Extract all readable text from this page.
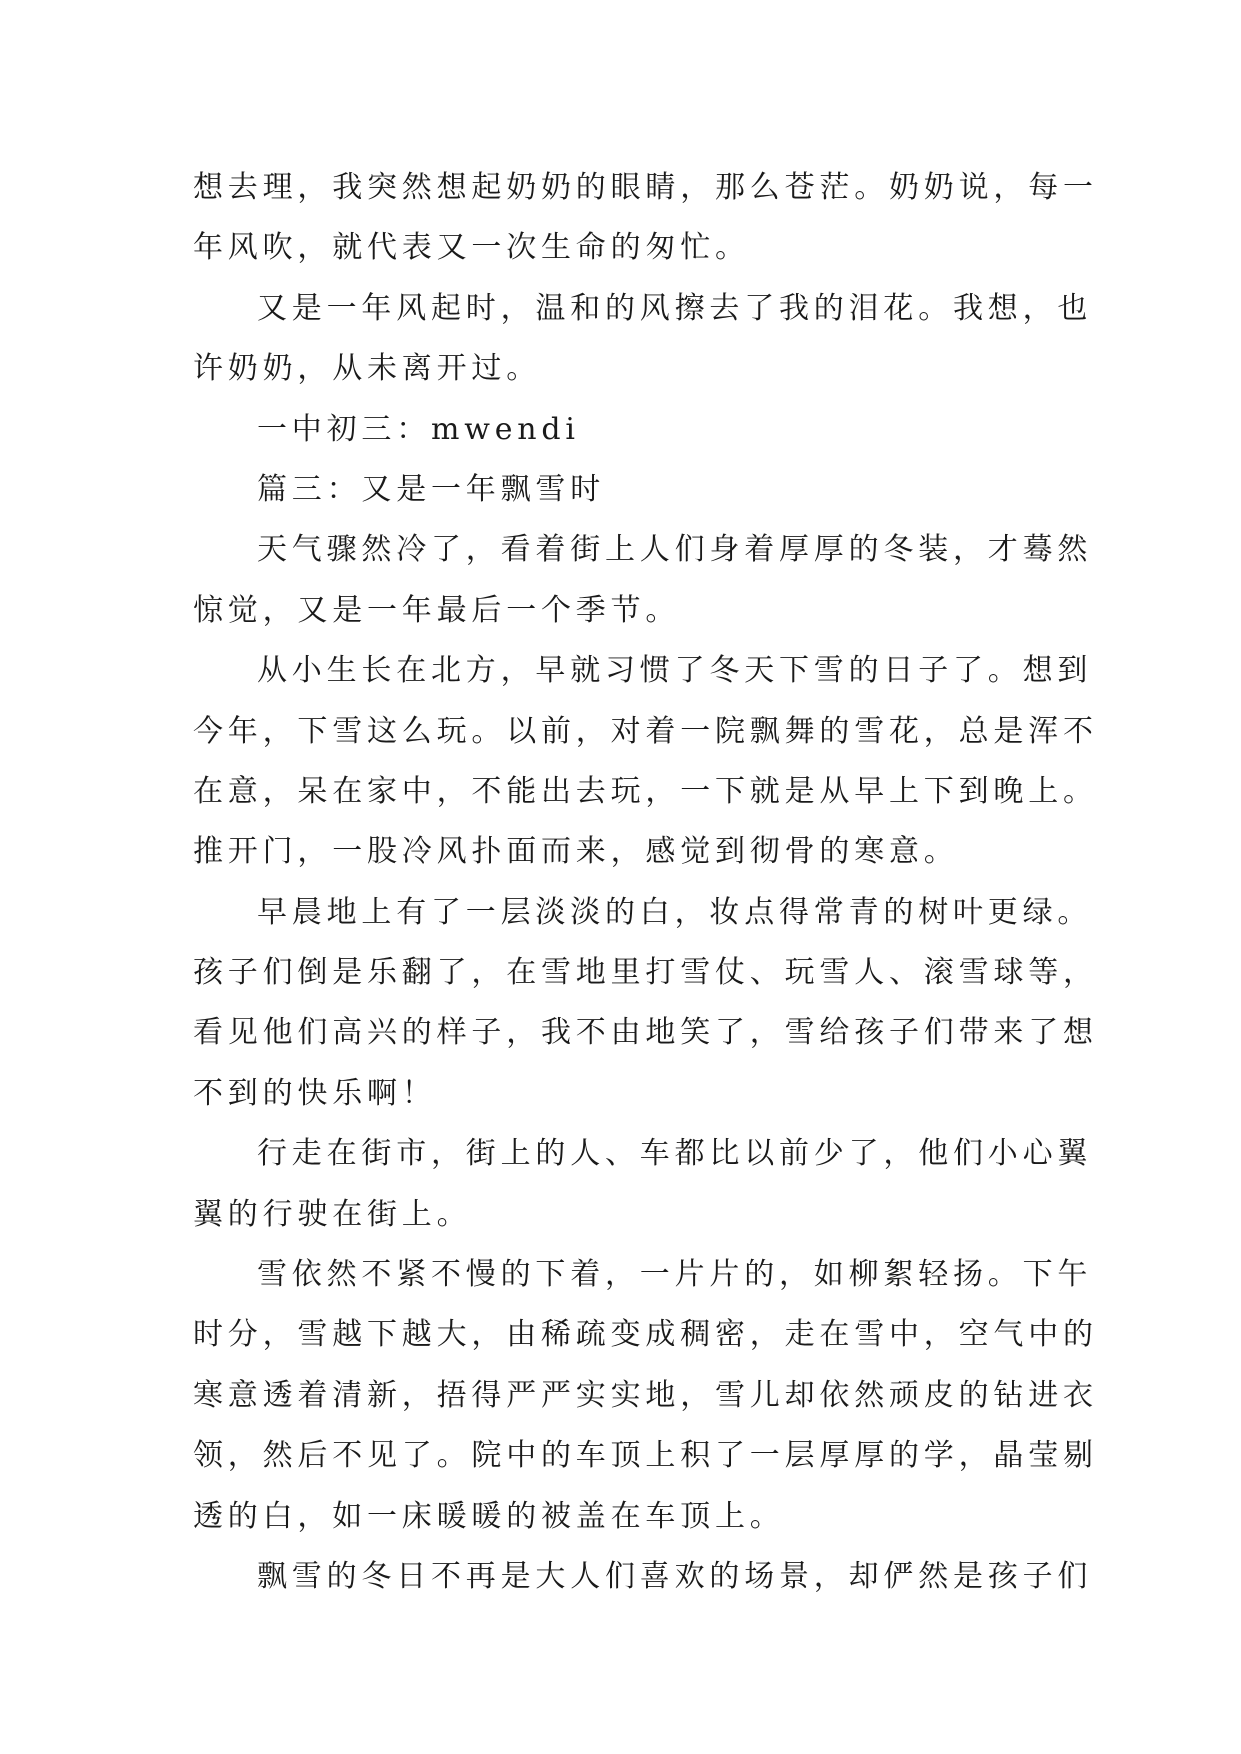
想去理，我突然想起奶奶的眼睛，那么苍茫。奶奶说，每一
年风吹，就代表又一次生命的匆忙。
又是一年风起时，温和的风擦去了我的泪花。我想，也
许奶奶，从未离开过。
一中初三：mwendi
篇三：又是一年飘雪时
天气骤然冷了，看着街上人们身着厚厚的冬装，才蓦然
惊觉，又是一年最后一个季节。
从小生长在北方，早就习惯了冬天下雪的日子了。想到
今年，下雪这么玩。以前，对着一院飘舞的雪花，总是浑不
在意，呆在家中，不能出去玩，一下就是从早上下到晚上。
推开门，一股冷风扑面而来，感觉到彻骨的寒意。
早晨地上有了一层淡淡的白，妆点得常青的树叶更绿。
孩子们倒是乐翻了，在雪地里打雪仗、玩雪人、滚雪球等，
看见他们高兴的样子，我不由地笑了，雪给孩子们带来了想
不到的快乐啊！
行走在街市，街上的人、车都比以前少了，他们小心翼
翼的行驶在街上。
雪依然不紧不慢的下着，一片片的，如柳絮轻扬。下午
时分，雪越下越大，由稀疏变成稠密，走在雪中，空气中的
寒意透着清新，捂得严严实实地，雪儿却依然顽皮的钻进衣
领，然后不见了。院中的车顶上积了一层厚厚的学，晶莹剔
透的白，如一床暖暖的被盖在车顶上。
飘雪的冬日不再是大人们喜欢的场景，却俨然是孩子们
